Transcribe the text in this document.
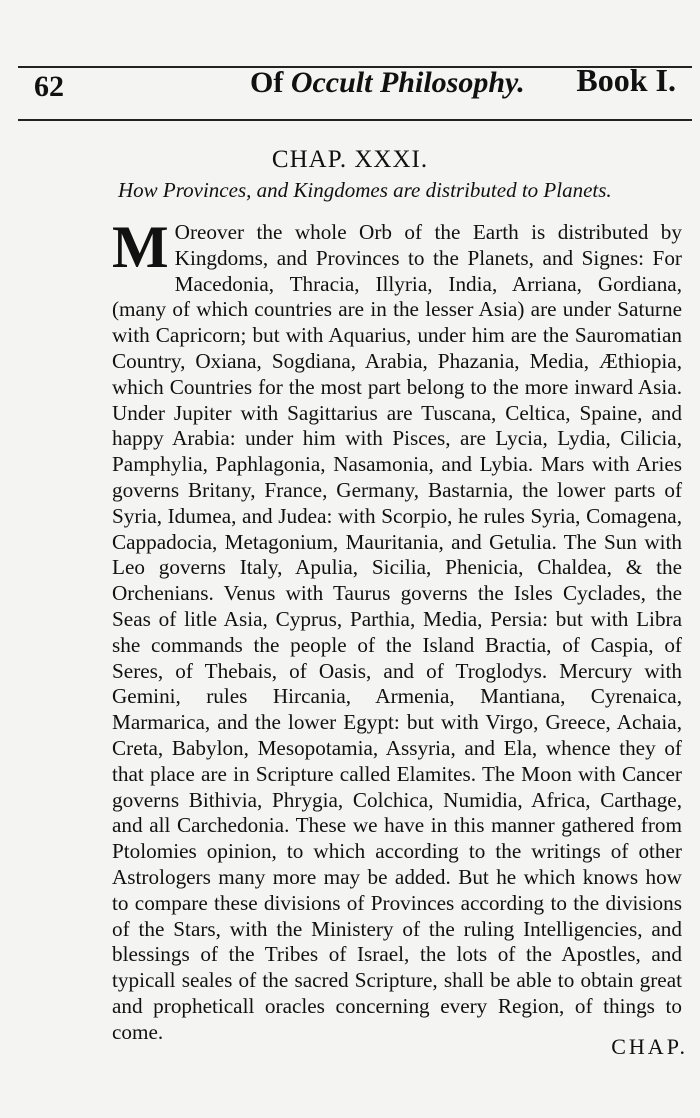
62	Of Occult Philosophy. Book I.
CHAP. XXXI.
How Provinces, and Kingdomes are distributed to Planets.
M Oreover the whole Orb of the Earth is distributed by Kingdoms, and Provinces to the Planets, and Signes: For Macedonia, Thracia, Illyria, India, Arriana, Gordiana, (many of which countries are in the lesser Asia) are under Saturne with Capricorn; but with Aquarius, under him are the Sauromatian Country, Oxiana, Sogdiana, Arabia, Phazania, Media, Æthiopia, which Countries for the most part belong to the more inward Asia. Under Jupiter with Sagittarius are Tuscana, Celtica, Spaine, and happy Arabia: under him with Pisces, are Lycia, Lydia, Cilicia, Pamphylia, Paphlagonia, Nasamonia, and Lybia. Mars with Aries governs Britany, France, Germany, Bastarnia, the lower parts of Syria, Idumea, and Judea: with Scorpio, he rules Syria, Comagena, Cappadocia, Metagonium, Mauritania, and Getulia. The Sun with Leo governs Italy, Apulia, Sicilia, Phenicia, Chaldea, & the Orchenians. Venus with Taurus governs the Isles Cyclades, the Seas of litle Asia, Cyprus, Parthia, Media, Persia: but with Libra she commands the people of the Island Bractia, of Caspia, of Seres, of Thebais, of Oasis, and of Troglodys. Mercury with Gemini, rules Hircania, Armenia, Mantiana, Cyrenaica, Marmarica, and the lower Egypt: but with Virgo, Greece, Achaia, Creta, Babylon, Mesopotamia, Assyria, and Ela, whence they of that place are in Scripture called Elamites. The Moon with Cancer governs Bithivia, Phrygia, Colchica, Numidia, Africa, Carthage, and all Carchedonia. These we have in this manner gathered from Ptolomies opinion, to which according to the writings of other Astrologers many more may be added. But he which knows how to compare these divisions of Provinces according to the divisions of the Stars, with the Ministery of the ruling Intelligencies, and blessings of the Tribes of Israel, the lots of the Apostles, and typicall seales of the sacred Scripture, shall be able to obtain great and propheticall oracles concerning every Region, of things to come.
CHAP.
